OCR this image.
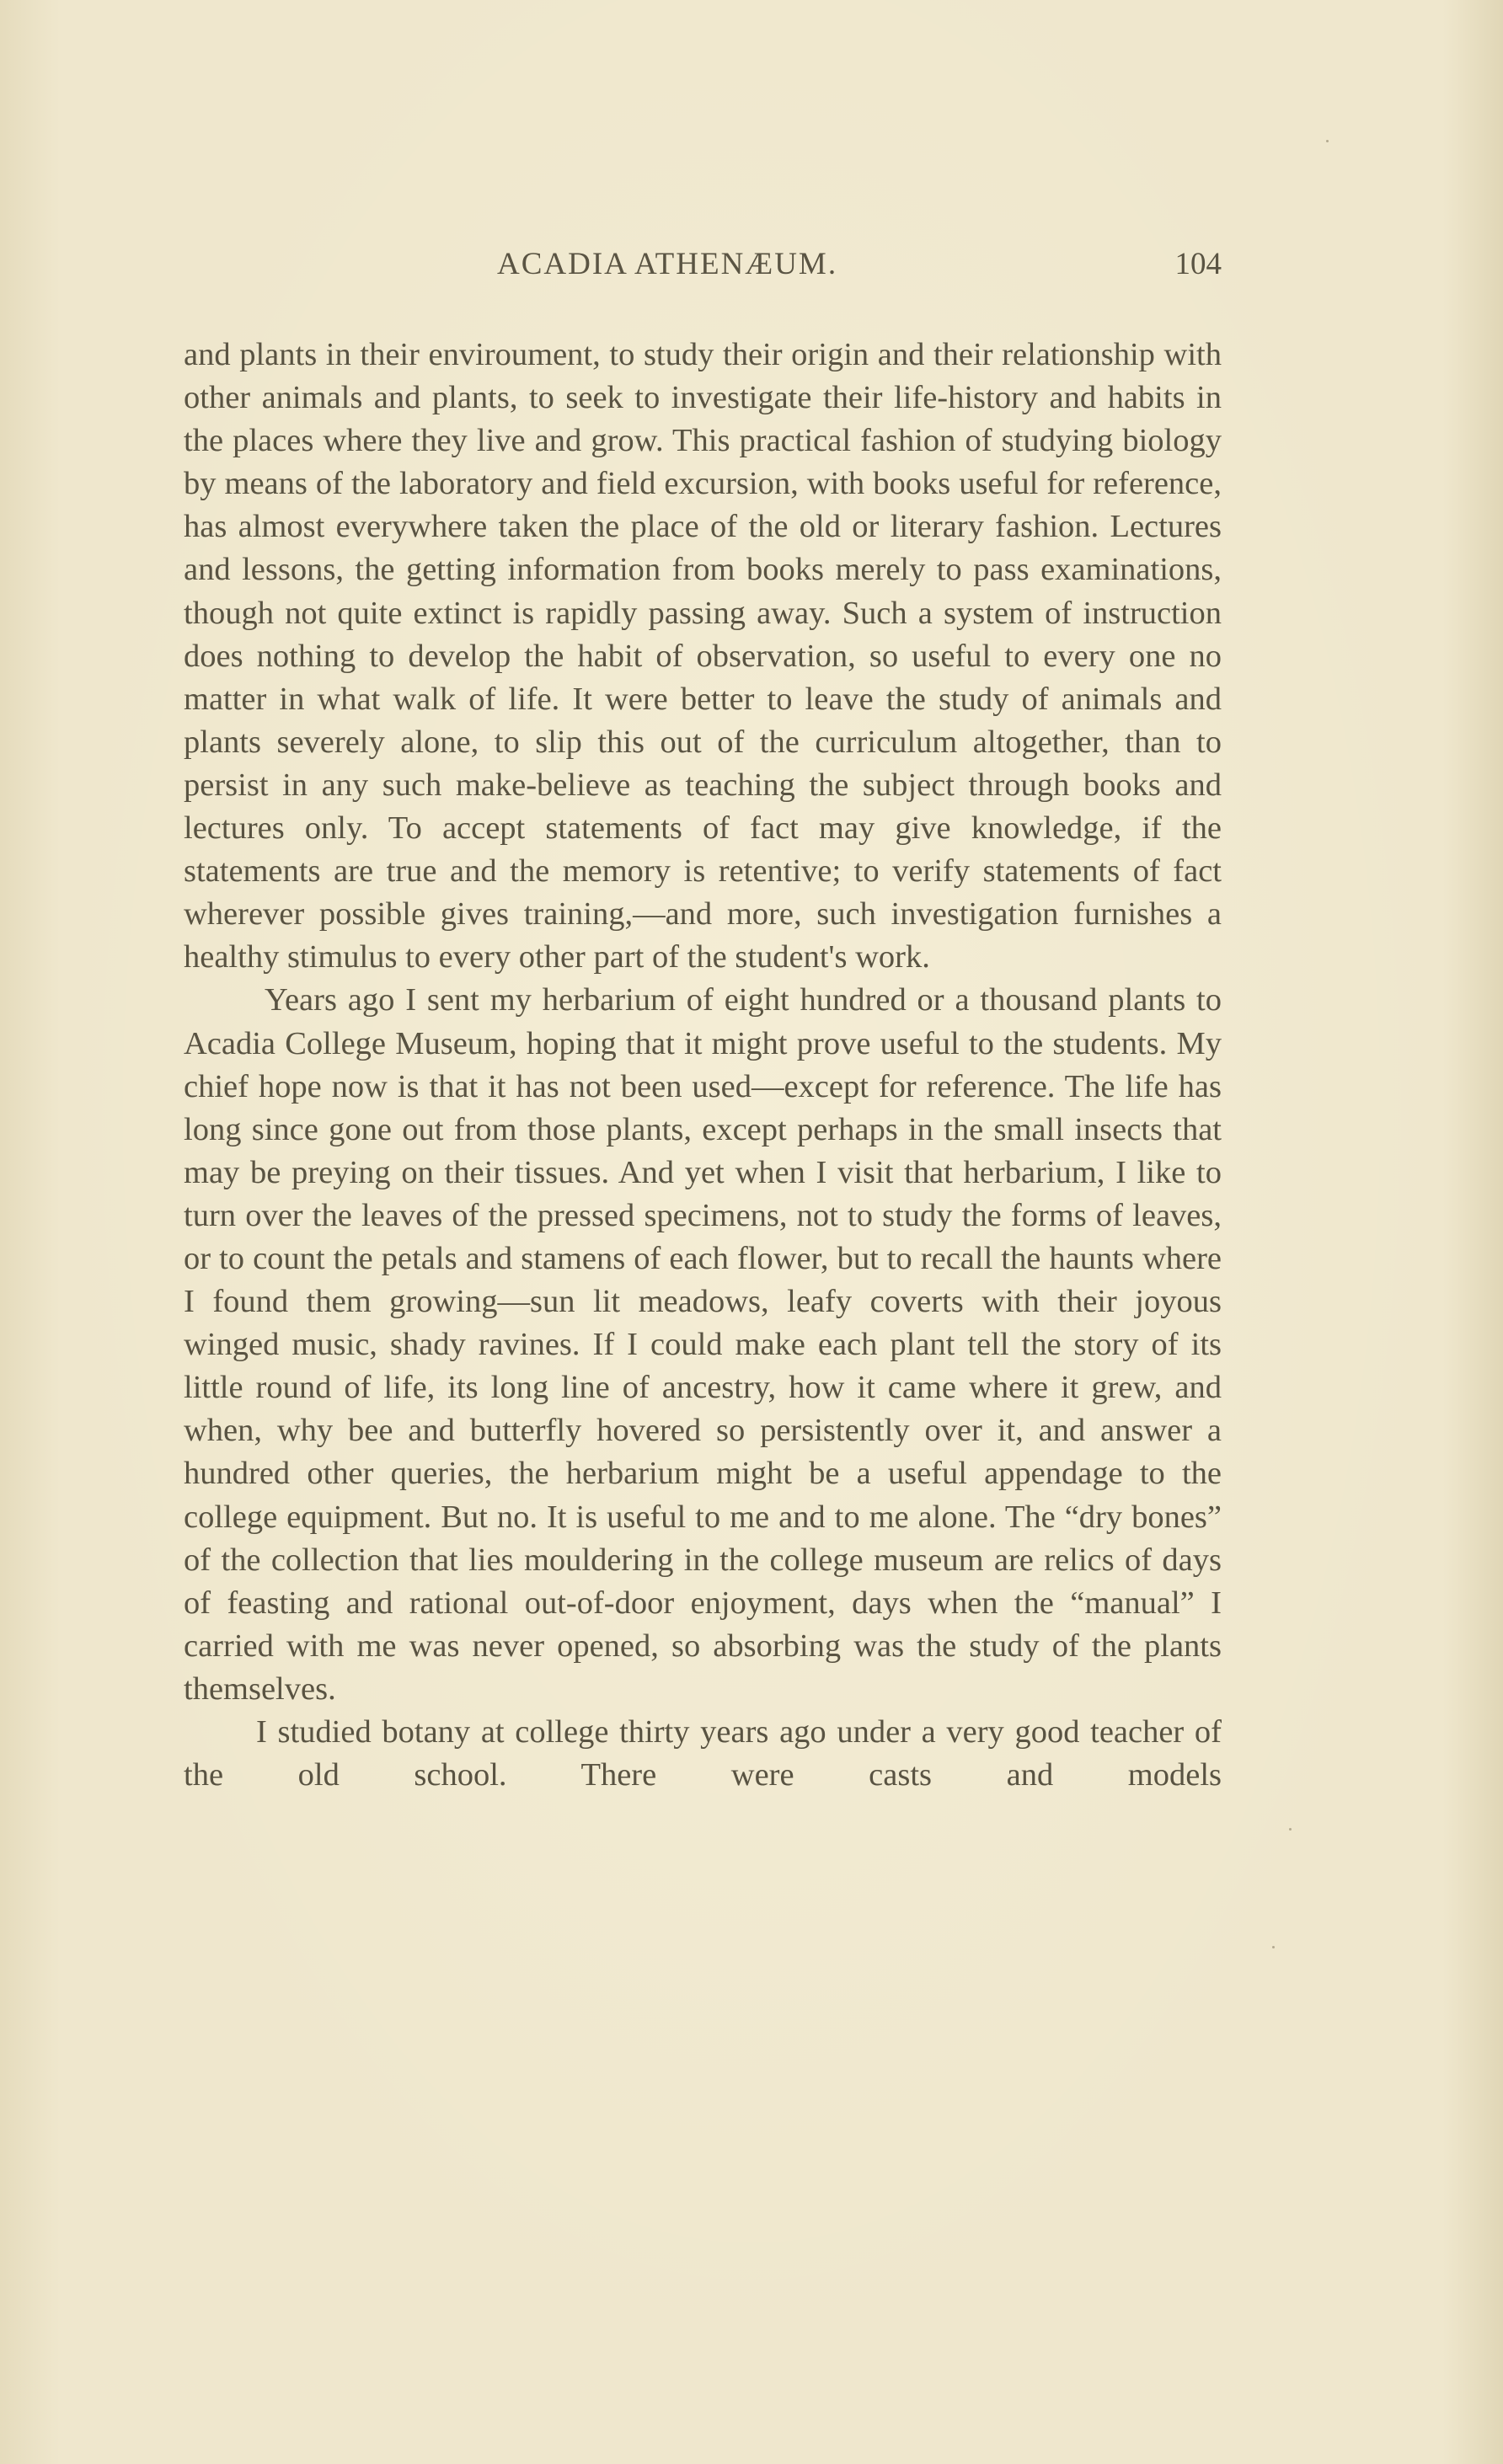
ACADIA ATHENÆUM.	104

and plants in their enviroument, to study their origin and their relationship with other animals and plants, to seek to investigate their life-history and habits in the places where they live and grow. This practical fashion of studying biology by means of the laboratory and field excursion, with books useful for reference, has almost everywhere taken the place of the old or literary fashion. Lectures and lessons, the getting information from books merely to pass examinations, though not quite extinct is rapidly passing away. Such a system of instruction does nothing to develop the habit of observation, so useful to every one no matter in what walk of life. It were better to leave the study of animals and plants severely alone, to slip this out of the curriculum altogether, than to persist in any such make-believe as teaching the subject through books and lectures only. To accept statements of fact may give knowledge, if the statements are true and the memory is retentive; to verify statements of fact wherever possible gives training,—and more, such investigation furnishes a healthy stimulus to every other part of the student's work.

Years ago I sent my herbarium of eight hundred or a thousand plants to Acadia College Museum, hoping that it might prove useful to the students. My chief hope now is that it has not been used—except for reference. The life has long since gone out from those plants, except perhaps in the small insects that may be preying on their tissues. And yet when I visit that herbarium, I like to turn over the leaves of the pressed specimens, not to study the forms of leaves, or to count the petals and stamens of each flower, but to recall the haunts where I found them growing—sun lit meadows, leafy coverts with their joyous winged music, shady ravines. If I could make each plant tell the story of its little round of life, its long line of ancestry, how it came where it grew, and when, why bee and butterfly hovered so persistently over it, and answer a hundred other queries, the herbarium might be a useful appendage to the college equipment. But no. It is useful to me and to me alone. The “dry bones” of the collection that lies mouldering in the college museum are relics of days of feasting and rational out-of-door enjoyment, days when the “manual” I carried with me was never opened, so absorbing was the study of the plants themselves.

I studied botany at college thirty years ago under a very good teacher of the old school. There were casts and models
